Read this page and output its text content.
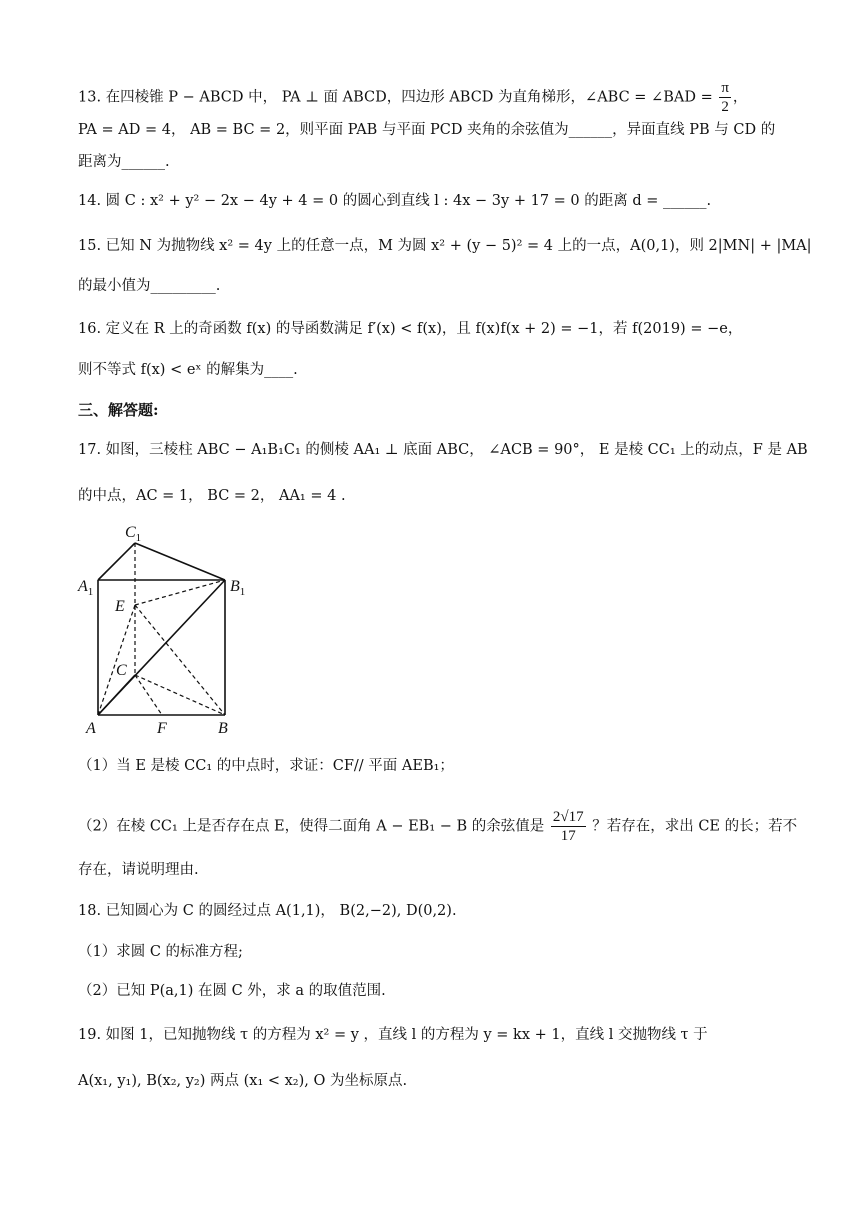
13. 在四棱锥 P − ABCD 中， PA ⊥ 面 ABCD，四边形 ABCD 为直角梯形，∠ABC = ∠BAD = $\frac{\pi}{2}$ ，
PA = AD = 4， AB = BC = 2，则平面 PAB 与平面 PCD 夹角的余弦值为______，异面直线 PB 与 CD 的
距离为______.
14. 圆 C : x² + y² − 2x − 4y + 4 = 0 的圆心到直线 l : 4x − 3y + 17 = 0 的距离 d = ______.
15. 已知 N 为抛物线 x² = 4y 上的任意一点，M 为圆 x² + (y − 5)² = 4 上的一点，A(0,1)，则 2|MN| + |MA|
的最小值为_________.
16. 定义在 R 上的奇函数 f(x) 的导函数满足 f′(x) < f(x)，且 f(x)f(x + 2) = −1，若 f(2019) = −e，
则不等式 f(x) < eˣ 的解集为____.
三、解答题:
17. 如图，三棱柱 ABC − A₁B₁C₁ 的侧棱 AA₁ ⊥ 底面 ABC， ∠ACB = 90°， E 是棱 CC₁ 上的动点，F 是 AB
的中点，AC = 1， BC = 2， AA₁ = 4 .
$C_1$
$A_1$	$B_1$
E
C
A	F	B
（1）当 E 是棱 CC₁ 的中点时，求证：CF// 平面 AEB₁；
（2）在棱 CC₁ 上是否存在点 E，使得二面角 A − EB₁ − B 的余弦值是 $\frac{2√17}{17}$ ？若存在，求出 CE 的长；若不
存在，请说明理由.
18. 已知圆心为 C 的圆经过点 A(1,1)， B(2,−2), D(0,2).
（1）求圆 C 的标准方程;
（2）已知 P(a,1) 在圆 C 外，求 a 的取值范围.
19. 如图 1，已知抛物线 τ 的方程为 x² = y ，直线 l 的方程为 y = kx + 1，直线 l 交抛物线 τ 于
A(x₁, y₁), B(x₂, y₂) 两点 (x₁ < x₂), O 为坐标原点.
